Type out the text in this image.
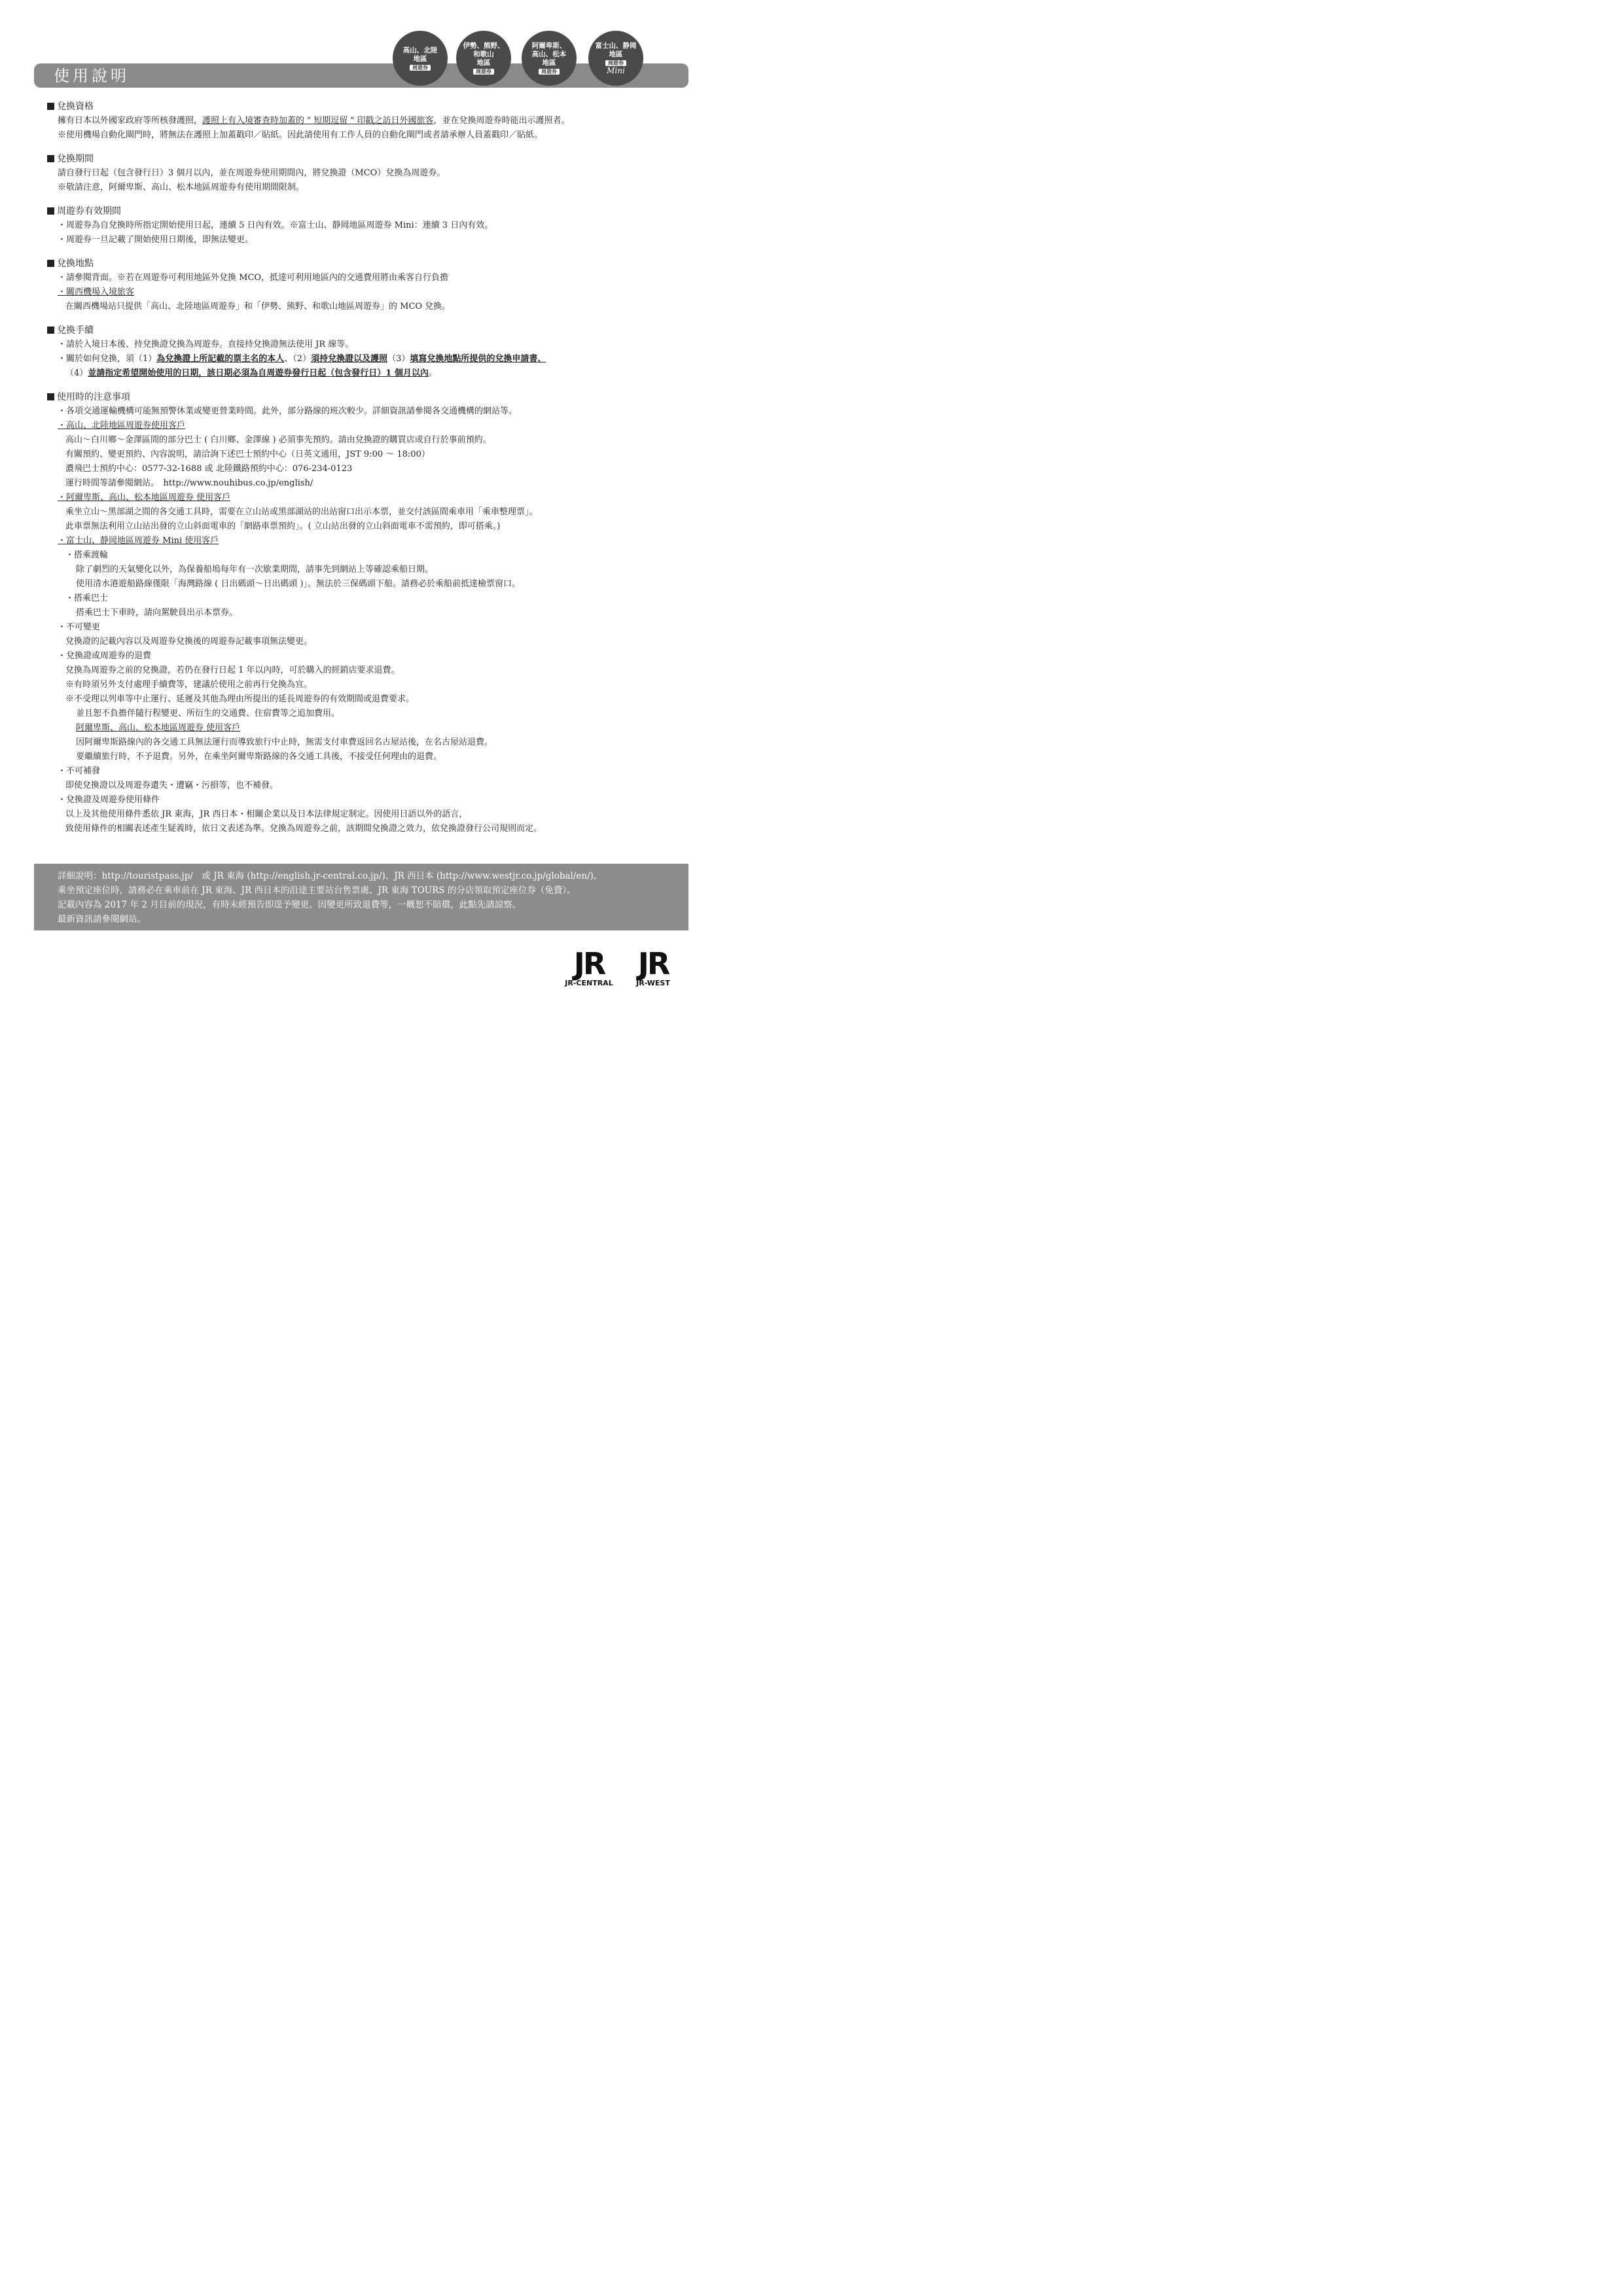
使用說明
高山、北陸
地區
周遊券
伊勢、熊野、
和歌山
地區
周遊券
阿爾卑斯、
高山、松本
地區
周遊券
富士山、静岡
地區
周遊券
Mini
兌換資格
擁有日本以外國家政府等所核發護照，護照上有入境審查時加蓋的 " 短期逗留 " 印戳之訪日外國旅客，並在兌換周遊券時能出示護照者。
※使用機場自動化閘門時，將無法在護照上加蓋戳印／貼紙。因此請使用有工作人員的自動化閘門或者請承辦人員蓋戳印／貼紙。
兌換期間
請自發行日起（包含發行日）3 個月以內，並在周遊券使用期間內，將兌換證（MCO）兌換為周遊券。
※敬請注意，阿爾卑斯、高山、松本地區周遊券有使用期間限制。
周遊券有效期間
・周遊券為自兌換時所指定開始使用日起，連續 5 日內有效。※富士山、静岡地區周遊券 Mini：連續 3 日內有效。
・周遊券一旦記載了開始使用日期後，即無法變更。
兌換地點
・請參閱背面。※若在周遊券可利用地區外兌換 MCO，抵達可利用地區內的交通費用將由乘客自行負擔
・關西機場入境旅客
在關西機場站只提供「高山、北陸地區周遊券」和「伊勢、熊野、和歌山地區周遊券」的 MCO 兌換。
兌換手續
・請於入境日本後、持兌換證兌換為周遊券。直接持兌換證無法使用 JR 線等。
・關於如何兌換，須（1）為兌換證上所記載的票主名的本人、（2）須持兌換證以及護照（3）填寫兌換地點所提供的兌換申請書、
（4）並請指定希望開始使用的日期，該日期必須為自周遊券發行日起（包含發行日）1 個月以內。
使用時的注意事項
・各項交通運輸機構可能無預警休業或變更營業時間。此外，部分路線的班次較少。詳細資訊請參閱各交通機構的網站等。
・高山、北陸地區周遊券使用客戶
高山～白川鄉～金澤區間的部分巴士 ( 白川鄉、金澤線 ) 必須事先預約。請由兌換證的購買店或自行於事前預約。
有關預約、變更預約、內容說明，請洽詢下述巴士預約中心（日英文通用，JST 9:00 ～ 18:00）
濃飛巴士預約中心：0577-32-1688 或 北陸鐵路預約中心：076-234-0123
運行時間等請參閱網站。　http://www.nouhibus.co.jp/english/
・阿爾卑斯、高山、松本地區周遊券 使用客戶
乘坐立山～黑部湖之間的各交通工具時，需要在立山站或黑部湖站的出站窗口出示本票，並交付該區間乘車用「乘車整理票」。
此車票無法利用立山站出發的立山斜面電車的「網路車票預約」。( 立山站出發的立山斜面電車不需預約，即可搭乘。)
・富士山、静岡地區周遊券 Mini 使用客戶
・搭乘渡輪
除了劇烈的天氣變化以外，為保養船塢每年有一次歇業期間，請事先到網站上等確認乘船日期。
使用清水港遊船路線僅限「海灣路線 ( 日出碼頭～日出碼頭 )」。無法於三保碼頭下船。請務必於乘船前抵達檢票窗口。
・搭乘巴士
搭乘巴士下車時，請向駕駛員出示本票券。
・不可變更
兌換證的記載內容以及周遊券兌換後的周遊券記載事項無法變更。
・兌換證或周遊券的退費
兌換為周遊券之前的兌換證，若仍在發行日起 1 年以內時，可於購入的經銷店要求退費。
※有時須另外支付處理手續費等，建議於使用之前再行兌換為宜。
※不受理以列車等中止運行、延遲及其他為理由所提出的延長周遊券的有效期間或退費要求。
並且恕不負擔伴隨行程變更、所衍生的交通費、住宿費等之追加費用。
阿爾卑斯、高山、松本地區周遊券 使用客戶
因阿爾卑斯路線內的各交通工具無法運行而導致旅行中止時，無需支付車費返回名古屋站後，在名古屋站退費。
要繼續旅行時，不予退費。另外，在乘坐阿爾卑斯路線的各交通工具後，不接受任何理由的退費。
・不可補發
即使兌換證以及周遊券遺失・遭竊・污損等，也不補發。
・兌換證及周遊券使用條件
以上及其他使用條件悉依 JR 東海，JR 西日本・相關企業以及日本法律規定制定。因使用日語以外的語言，
致使用條件的相關表述產生疑義時，依日文表述為準。兌換為周遊券之前，該期間兌換證之效力，依兌換證發行公司規則而定。
詳細說明：http://touristpass.jp/　或 JR 東海 (http://english.jr-central.co.jp/)、JR 西日本 (http://www.westjr.co.jp/global/en/)。
乘坐預定座位時，請務必在乘車前在 JR 東海、JR 西日本的沿途主要站台售票處、JR 東海 TOURS 的分店領取預定座位券（免費）。
記載內容為 2017 年 2 月目前的現況，有時未經預告即逕予變更。因變更所致退費等，一概恕不賠償，此點先請諒察。
最新資訊請參閱網站。
JR
JR-CENTRAL
JR
JR-WEST
